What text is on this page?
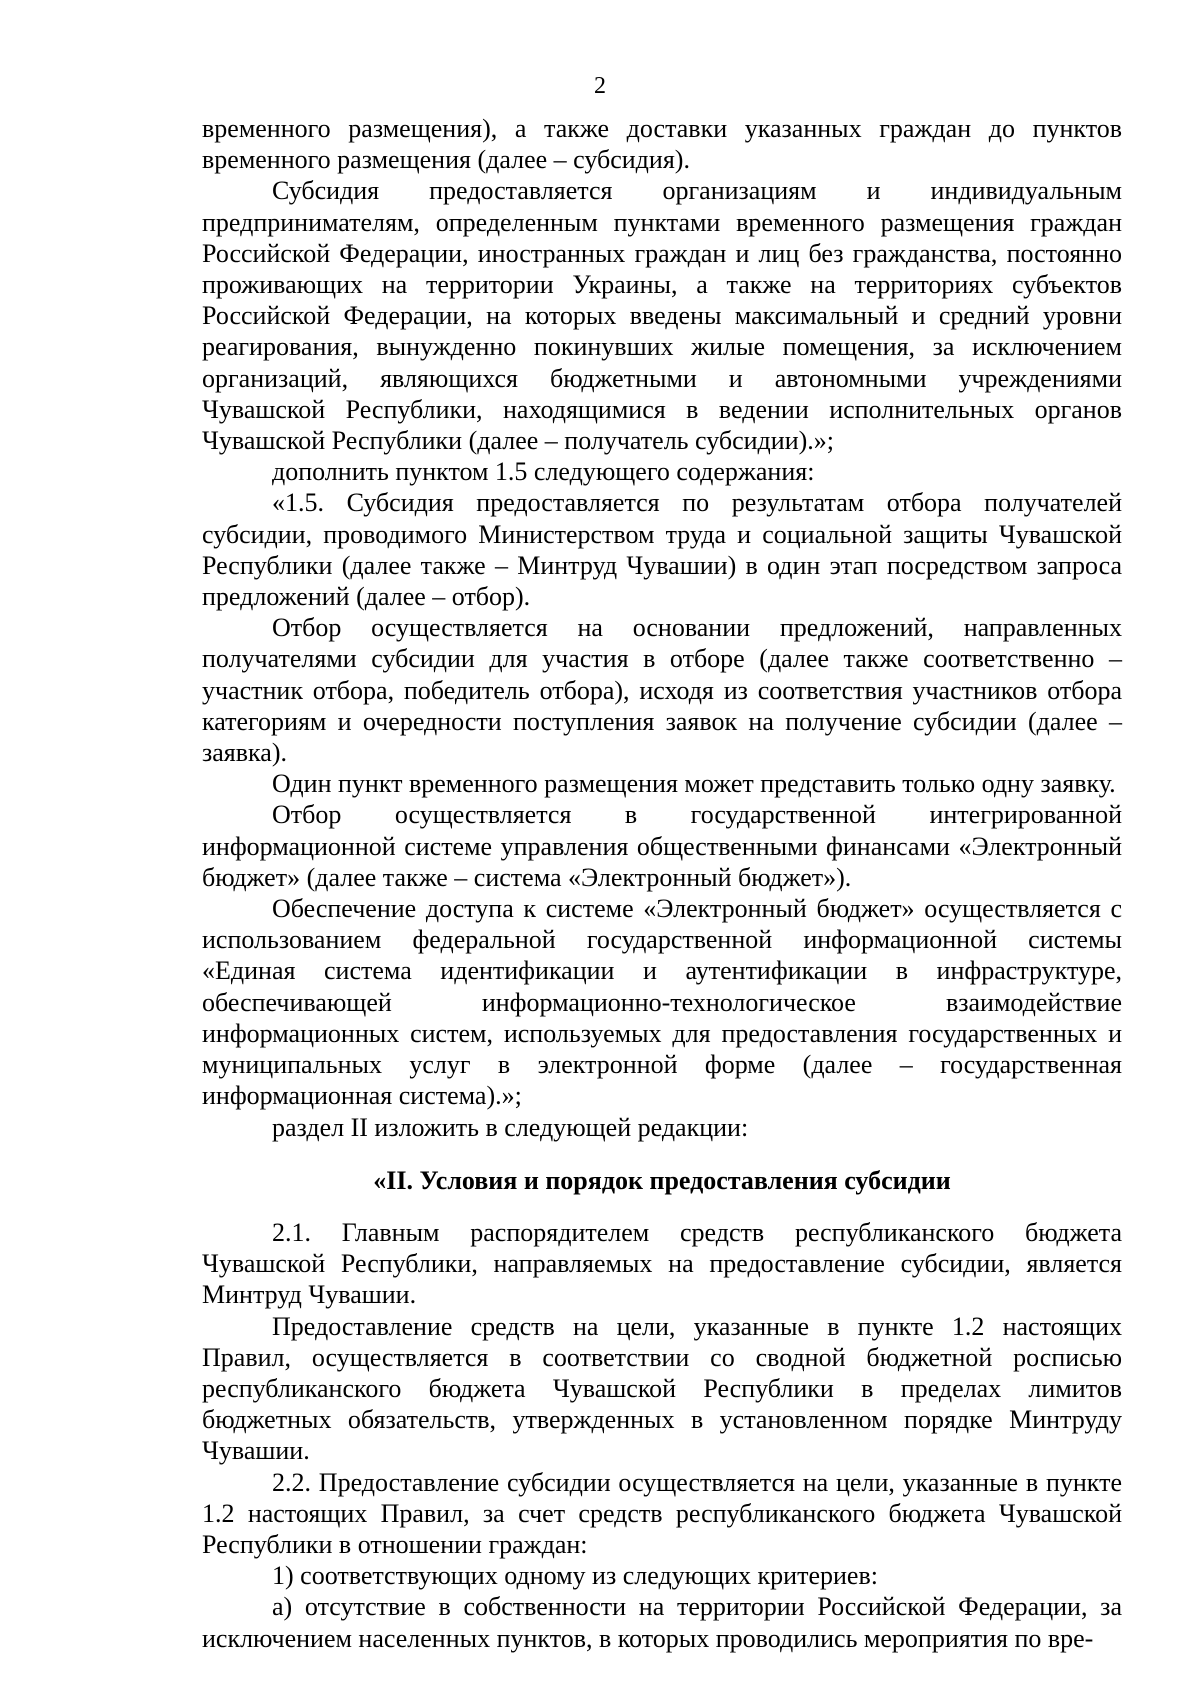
2

временного размещения), а также доставки указанных граждан до пунктов временного размещения (далее – субсидия).

Субсидия предоставляется организациям и индивидуальным предпринимателям, определенным пунктами временного размещения граждан Российской Федерации, иностранных граждан и лиц без гражданства, постоянно проживающих на территории Украины, а также на территориях субъектов Российской Федерации, на которых введены максимальный и средний уровни реагирования, вынужденно покинувших жилые помещения, за исключением организаций, являющихся бюджетными и автономными учреждениями Чувашской Республики, находящимися в ведении исполнительных органов Чувашской Республики (далее – получатель субсидии).»;

дополнить пунктом 1.5 следующего содержания:

«1.5. Субсидия предоставляется по результатам отбора получателей субсидии, проводимого Министерством труда и социальной защиты Чувашской Республики (далее также – Минтруд Чувашии) в один этап посредством запроса предложений (далее – отбор).

Отбор осуществляется на основании предложений, направленных получателями субсидии для участия в отборе (далее также соответственно – участник отбора, победитель отбора), исходя из соответствия участников отбора категориям и очередности поступления заявок на получение субсидии (далее – заявка).

Один пункт временного размещения может представить только одну заявку.

Отбор осуществляется в государственной интегрированной информационной системе управления общественными финансами «Электронный бюджет» (далее также – система «Электронный бюджет»).

Обеспечение доступа к системе «Электронный бюджет» осуществляется с использованием федеральной государственной информационной системы «Единая система идентификации и аутентификации в инфраструктуре, обеспечивающей информационно-технологическое взаимодействие информационных систем, используемых для предоставления государственных и муниципальных услуг в электронной форме (далее – государственная информационная система).»;

раздел II изложить в следующей редакции:

«II. Условия и порядок предоставления субсидии

2.1. Главным распорядителем средств республиканского бюджета Чувашской Республики, направляемых на предоставление субсидии, является Минтруд Чувашии.

Предоставление средств на цели, указанные в пункте 1.2 настоящих Правил, осуществляется в соответствии со сводной бюджетной росписью республиканского бюджета Чувашской Республики в пределах лимитов бюджетных обязательств, утвержденных в установленном порядке Минтруду Чувашии.

2.2. Предоставление субсидии осуществляется на цели, указанные в пункте 1.2 настоящих Правил, за счет средств республиканского бюджета Чувашской Республики в отношении граждан:

1) соответствующих одному из следующих критериев:

а) отсутствие в собственности на территории Российской Федерации, за исключением населенных пунктов, в которых проводились мероприятия по вре-
